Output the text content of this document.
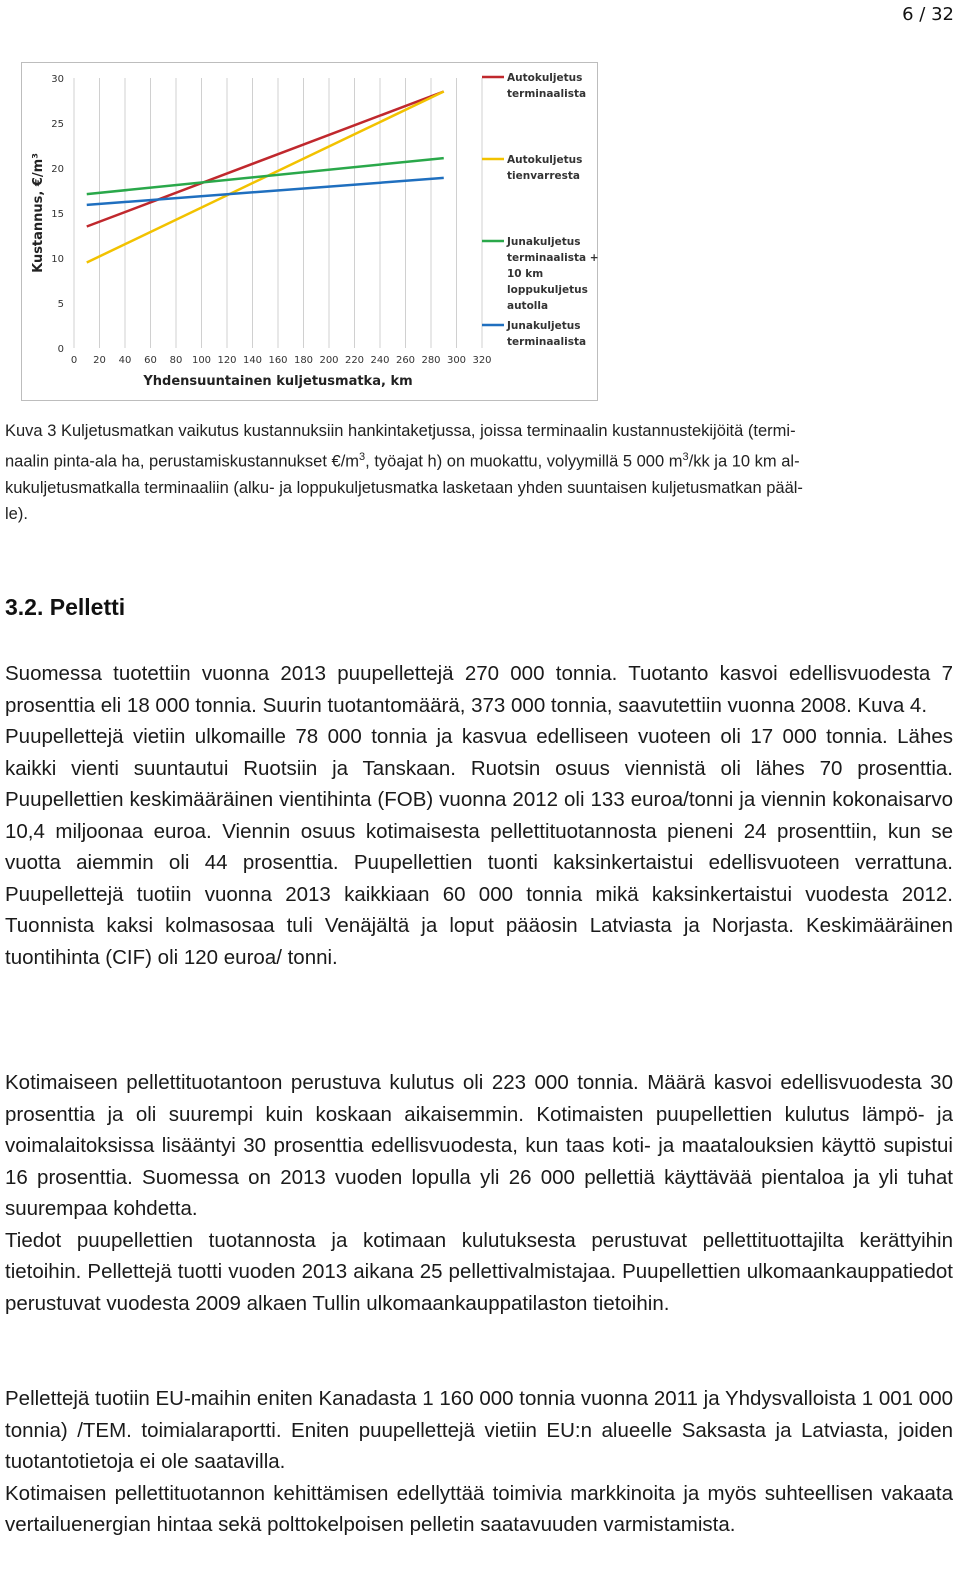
6 / 32
0 20 40 60 80 100 120 140 160 180 200 220 240 260 280 300 320
0
5
10
15
20
25
30
Yhdensuuntainen kuljetusmatka, km
Kustannus, €/m³
Autokuljetus
terminaalista
Autokuljetus
tienvarresta
Junakuljetus
terminaalista +
10 km
loppukuljetus
autolla
Junakuljetus
terminaalista
Kuva 3 Kuljetusmatkan vaikutus kustannuksiin hankintaketjussa, joissa terminaalin kustannustekijöitä (termi-
naalin pinta-ala ha, perustamiskustannukset $€/m^3$, työajat h) on muokattu, volyymillä 5 000 $m^3/kk$ ja 10 km al-
kukuljetusmatkalla terminaaliin (alku- ja loppukuljetusmatka lasketaan yhden suuntaisen kuljetusmatkan pääl-
le).
3.2. Pelletti

Suomessa tuotettiin vuonna 2013 puupellettejä 270 000 tonnia. Tuotanto kasvoi edellisvuodesta 7 prosenttia eli 18 000 tonnia. Suurin tuotantomäärä, 373 000 tonnia, saavutettiin vuonna 2008. Kuva 4.

Puupellettejä vietiin ulkomaille 78 000 tonnia ja kasvua edelliseen vuoteen oli 17 000 tonnia. Lähes kaikki vienti suuntautui Ruotsiin ja Tanskaan. Ruotsin osuus viennistä oli lähes 70 prosenttia. Puupellettien keskimääräinen vientihinta (FOB) vuonna 2012 oli 133 euroa/tonni ja viennin kokonaisarvo 10,4 miljoonaa euroa. Viennin osuus kotimaisesta pellettituotannosta pieneni 24 prosenttiin, kun se vuotta aiemmin oli 44 prosenttia. Puupellettien tuonti kaksinkertaistui edellisvuoteen verrattuna. Puupellettejä tuotiin vuonna 2013 kaikkiaan 60 000 tonnia mikä kaksinkertaistui vuodesta 2012. Tuonnista kaksi kolmasosaa tuli Venäjältä ja loput pääosin Latviasta ja Norjasta. Keskimääräinen tuontihinta (CIF) oli 120 euroa/ tonni.

Kotimaiseen pellettituotantoon perustuva kulutus oli 223 000 tonnia. Määrä kasvoi edellisvuodesta 30 prosenttia ja oli suurempi kuin koskaan aikaisemmin. Kotimaisten puupellettien kulutus lämpö- ja voimalaitoksissa lisääntyi 30 prosenttia edellisvuodesta, kun taas koti- ja maatalouksien käyttö supistui 16 prosenttia. Suomessa on 2013 vuoden lopulla yli 26 000 pellettiä käyttävää pientaloa ja yli tuhat suurempaa kohdetta.

Tiedot puupellettien tuotannosta ja kotimaan kulutuksesta perustuvat pellettituottajilta kerättyihin tietoihin. Pellettejä tuotti vuoden 2013 aikana 25 pellettivalmistajaa. Puupellettien ulkomaankauppatiedot perustuvat vuodesta 2009 alkaen Tullin ulkomaankauppatilaston tietoihin.

Pellettejä tuotiin EU-maihin eniten Kanadasta 1 160 000 tonnia vuonna 2011 ja Yhdysvalloista 1 001 000 tonnia) /TEM. toimialaraportti. Eniten puupellettejä vietiin EU:n alueelle Saksasta ja Latviasta, joiden tuotantotietoja ei ole saatavilla.

Kotimaisen pellettituotannon kehittämisen edellyttää toimivia markkinoita ja myös suhteellisen vakaata vertailuenergian hintaa sekä polttokelpoisen pelletin saatavuuden varmistamista.
